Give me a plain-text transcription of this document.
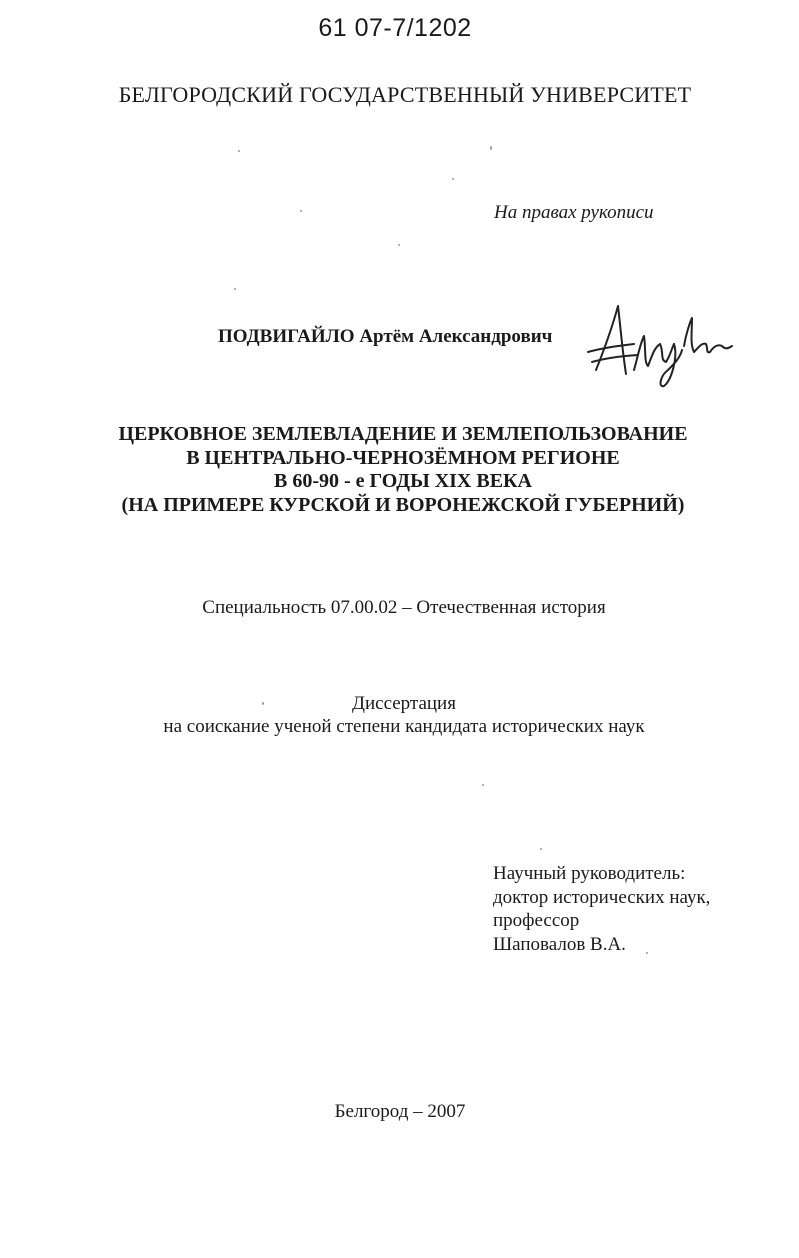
61 07-7/1202
БЕЛГОРОДСКИЙ ГОСУДАРСТВЕННЫЙ УНИВЕРСИТЕТ
На правах рукописи
ПОДВИГАЙЛО Артём Александрович
ЦЕРКОВНОЕ ЗЕМЛЕВЛАДЕНИЕ И ЗЕМЛЕПОЛЬЗОВАНИЕ
В ЦЕНТРАЛЬНО-ЧЕРНОЗЁМНОМ РЕГИОНЕ
В 60-90 - е ГОДЫ XIX ВЕКА
(НА ПРИМЕРЕ КУРСКОЙ И ВОРОНЕЖСКОЙ ГУБЕРНИЙ)
Специальность 07.00.02 – Отечественная история
Диссертация
на соискание ученой степени кандидата исторических наук
Научный руководитель:
доктор исторических наук,
профессор
Шаповалов В.А.
Белгород – 2007
